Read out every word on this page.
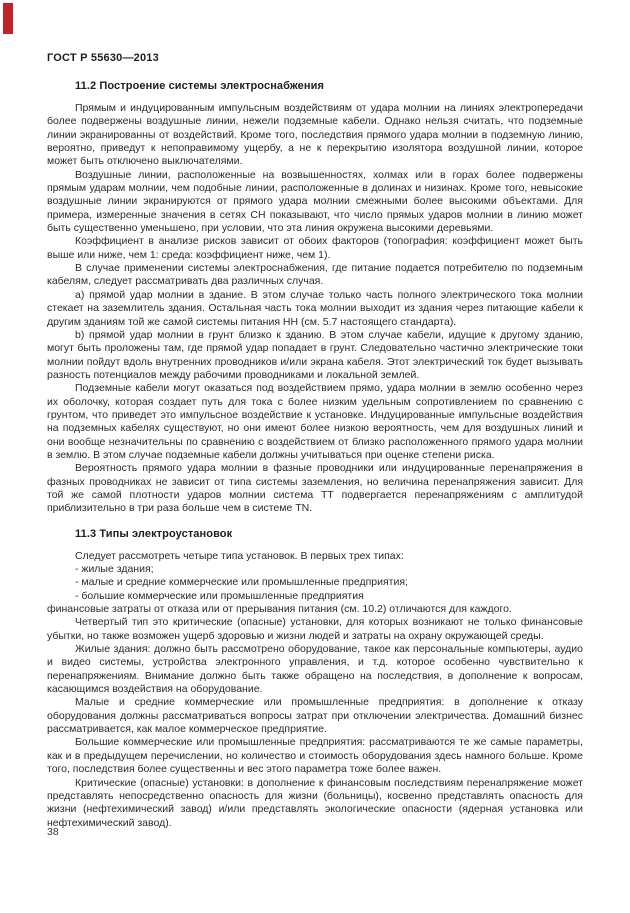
ГОСТ Р 55630—2013
11.2 Построение системы электроснабжения

Прямым и индуцированным импульсным воздействиям от удара молнии на линиях электропередачи более подвержены воздушные линии, нежели подземные кабели. Однако нельзя считать, что подземные линии экранированны от воздействий. Кроме того, последствия прямого удара молнии в подземную линию, вероятно, приведут к непоправимому ущербу, а не к перекрытию изолятора воздушной линии, которое может быть отключено выключателями.

Воздушные линии, расположенные на возвышенностях, холмах или в горах более подвержены прямым ударам молнии, чем подобные линии, расположенные в долинах и низинах. Кроме того, невысокие воздушные линии экранируются от прямого удара молнии смежными более высокими объектами. Для примера, измеренные значения в сетях СН показывают, что число прямых ударов молнии в линию может быть существенно уменьшено, при условии, что эта линия окружена высокими деревьями.

Коэффициент в анализе рисков зависит от обоих факторов (топография: коэффициент может быть выше или ниже, чем 1: среда: коэффициент ниже, чем 1).

В случае применении системы электроснабжения, где питание подается потребителю по подземным кабелям, следует рассматривать два различных случая.

а) прямой удар молнии в здание. В этом случае только часть полного электрического тока молнии стекает на заземлитель здания. Остальная часть тока молнии выходит из здания через питающие кабели к другим зданиям той же самой системы питания НН (см. 5.7 настоящего стандарта).

b) прямой удар молнии в грунт близко к зданию. В этом случае кабели, идущие к другому зданию, могут быть проложены там, где прямой удар попадает в грунт. Следовательно частично электрические токи молнии пойдут вдоль внутренних проводников и/или экрана кабеля. Этот электрический ток будет вызывать разность потенциалов между рабочими проводниками и локальной землей.

Подземные кабели могут оказаться под воздействием прямо, удара молнии в землю особенно через их оболочку, которая создает путь для тока с более низким удельным сопротивлением по сравнению с грунтом, что приведет это импульсное воздействие к установке. Индуцированные импульсные воздействия на подземных кабелях существуют, но они имеют более низкою вероятность, чем для воздушных линий и они вообще незначительны по сравнению с воздействием от близко расположенного прямого удара молнии в землю. В этом случае подземные кабели должны учитываться при оценке степени риска.

Вероятность прямого удара молнии в фазные проводники или индуцированные перенапряжения в фазных проводниках не зависит от типа системы заземления, но величина перенапряжения зависит. Для той же самой плотности ударов молнии система ТТ подвергается перенапряжениям с амплитудой приблизительно в три раза больше чем в системе TN.

11.3 Типы электроустановок

Следует рассмотреть четыре типа установок. В первых трех типах:

- жилые здания;

- малые и средние коммерческие или промышленные предприятия;

- большие коммерческие или промышленные предприятия

финансовые затраты от отказа или от прерывания питания (см. 10.2) отличаются для каждого.

Четвертый тип это критические (опасные) установки, для которых возникают не только финансовые убытки, но также возможен ущерб здоровью и жизни людей и затраты на охрану окружающей среды.

Жилые здания: должно быть рассмотрено оборудование, такое как персональные компьютеры, аудио и видео системы, устройства электронного управления, и т.д. которое особенно чувствительно к перенапряжениям. Внимание должно быть также обращено на последствия, в дополнение к вопросам, касающимся воздействия на оборудование.

Малые и средние коммерческие или промышленные предприятия: в дополнение к отказу оборудования должны рассматриваться вопросы затрат при отключении электричества. Домашний бизнес рассматривается, как малое коммерческое предприятие.

Большие коммерческие или промышленные предприятия: рассматриваются те же самые параметры, как и в предыдущем перечислении, но количество и стоимость оборудования здесь намного больше. Кроме того, последствия более существенны и вес этого параметра тоже более важен.

Критические (опасные) установки: в дополнение к финансовым последствиям перенапряжение может представлять непосредственно опасность для жизни (больницы), косвенно представлять опасность для жизни (нефтехимический завод) и/или представлять экологические опасности (ядерная установка или нефтехимический завод).

38
